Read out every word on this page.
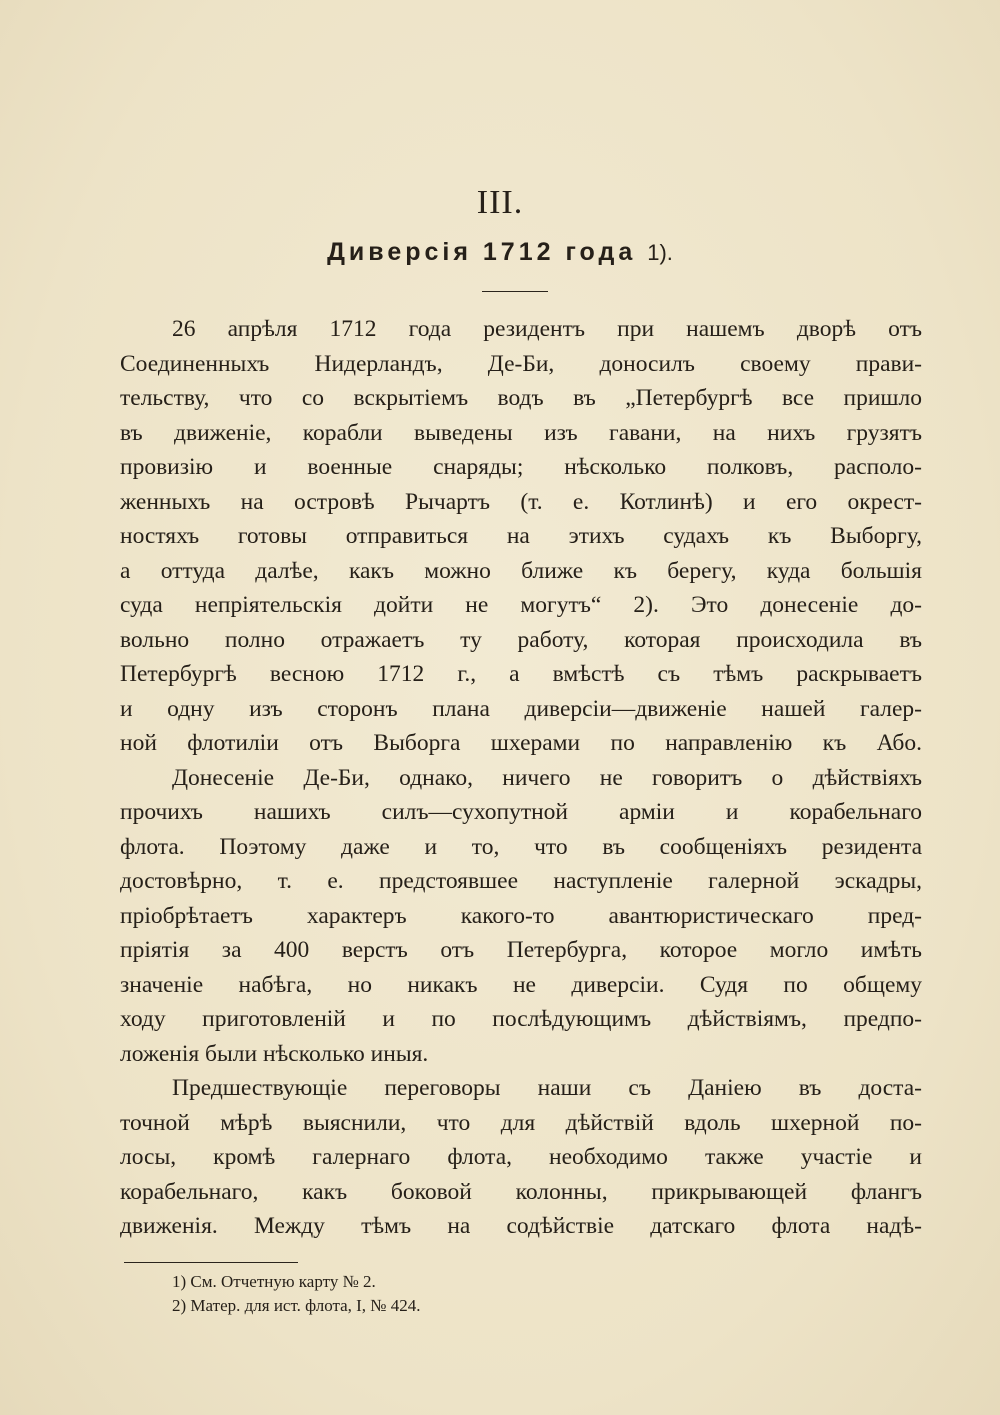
III.
Диверсія 1712 года 1).
26 апрѣля 1712 года резидентъ при нашемъ дворѣ отъ
Соединенныхъ Нидерландъ, Де-Би, доносилъ своему прави-
тельству, что со вскрытіемъ водъ въ „Петербургѣ все пришло
въ движеніе, корабли выведены изъ гавани, на нихъ грузятъ
провизію и военные снаряды; нѣсколько полковъ, располо-
женныхъ на островѣ Рычартъ (т. е. Котлинѣ) и его окрест-
ностяхъ готовы отправиться на этихъ судахъ къ Выборгу,
а оттуда далѣе, какъ можно ближе къ берегу, куда большія
суда непріятельскія дойти не могутъ“ 2). Это донесеніе до-
вольно полно отражаетъ ту работу, которая происходила въ
Петербургѣ весною 1712 г., а вмѣстѣ съ тѣмъ раскрываетъ
и одну изъ сторонъ плана диверсіи—движеніе нашей галер-
ной флотиліи отъ Выборга шхерами по направленію къ Або.
Донесеніе Де-Би, однако, ничего не говоритъ о дѣйствіяхъ
прочихъ нашихъ силъ—сухопутной арміи и корабельнаго
флота. Поэтому даже и то, что въ сообщеніяхъ резидента
достовѣрно, т. е. предстоявшее наступленіе галерной эскадры,
пріобрѣтаетъ характеръ какого-то авантюристическаго пред-
пріятія за 400 верстъ отъ Петербурга, которое могло имѣть
значеніе набѣга, но никакъ не диверсіи. Судя по общему
ходу приготовленій и по послѣдующимъ дѣйствіямъ, предпо-
ложенія были нѣсколько иныя.
Предшествующіе переговоры наши съ Даніею въ доста-
точной мѣрѣ выяснили, что для дѣйствій вдоль шхерной по-
лосы, кромѣ галернаго флота, необходимо также участіе и
корабельнаго, какъ боковой колонны, прикрывающей флангъ
движенія. Между тѣмъ на содѣйствіе датскаго флота надѣ-
1) См. Отчетную карту № 2.
2) Матер. для ист. флота, I, № 424.
